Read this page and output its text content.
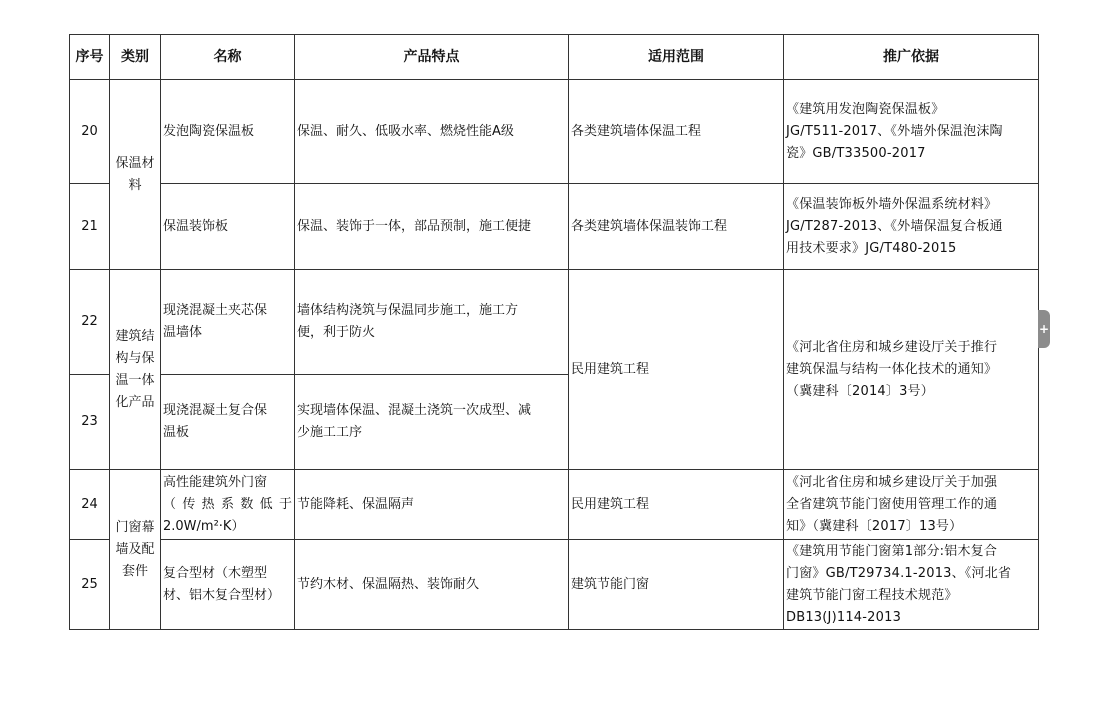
序号	类别	名称	产品特点	适用范围	推广依据
20	保温材料	发泡陶瓷保温板	保温、耐久、低吸水率、燃烧性能A级	各类建筑墙体保温工程	《建筑用发泡陶瓷保温板》
JG/T511-2017、《外墙外保温泡沫陶
瓷》GB/T33500-2017

21		保温装饰板	保温、装饰于一体，部品预制，施工便捷	各类建筑墙体保温装饰工程	《保温装饰板外墙外保温系统材料》
JG/T287-2013、《外墙保温复合板通
用技术要求》JG/T480-2015

22	建筑结构与保温一体化产品	现浇混凝土夹芯保
温墙体	墙体结构浇筑与保温同步施工，施工方
便，利于防火	民用建筑工程	《河北省住房和城乡建设厅关于推行
建筑保温与结构一体化技术的通知》
（冀建科〔2014〕3号）

23		现浇混凝土复合保
温板	实现墙体保温、混凝土浇筑一次成型、减
少施工工序		

24	门窗幕墙及配套件	高性能建筑外门窗
（传热系数低于
2.0W/m²·K）	节能降耗、保温隔声	民用建筑工程	《河北省住房和城乡建设厅关于加强
全省建筑节能门窗使用管理工作的通
知》（冀建科〔2017〕13号）

25		复合型材（木塑型
材、铝木复合型材）	节约木材、保温隔热、装饰耐久	建筑节能门窗	《建筑用节能门窗第1部分:铝木复合
门窗》GB/T29734.1-2013、《河北省
建筑节能门窗工程技术规范》
DB13(J)114-2013
+
